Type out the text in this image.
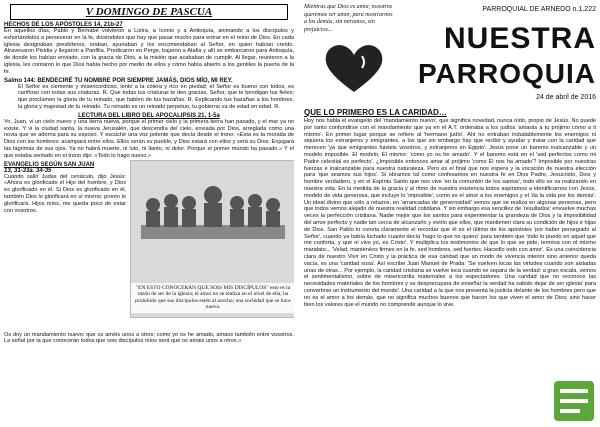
V DOMINGO DE PASCUA
HECHOS DE LOS APÓSTOLES 14, 21b-27

En aquellos días, Pablo y Bernabé volvieron a Listra, a Iconio y a Antioquía, animando a los discípulos y exhortándolos a perseverar en la fe, diciéndoles que hay que pasar mucho para entrar en el reino de Dios. En cada iglesia designaban presbíteros, oraban, ayunaban y los encomendaban al Señor, en quien habían creído. Atravesaron Pisidia y llegaron a Panfilia. Predicaron en Perge, bajaron a Atalía y allí se embarcaron para Antioquía, de donde los habían enviado, con la gracia de Dios, a la misión que acababan de cumplir. Al llegar, reunieron a la iglesia, les contaron lo que Dios había hecho por medio de ellos y cómo había abierto a los gentiles la puerta de la fe.

Salmo 144: BENDECIRÉ TU NOMBRE POR SIEMPRE JAMÁS, DIOS MÍO, MI REY.

El Señor es clemente y misericordioso, lento a la cólera y rico en piedad; el Señor es bueno con todos, es cariñoso con todas sus criaturas. R. Que todas tus criaturas te den gracias, Señor, que te bendigan tus fieles; que proclamen la gloria de tu reinado, que hablen de tus hazañas. R. Explicando tus hazañas a los hombres, la gloria y majestad de tu reinado. Tu reinado es un reinado perpetuo, tu gobierno va de edad en edad. R.

LECTURA DEL LIBRO DEL APOCALIPSIS 21, 1-5a

Yo, Juan, vi un cielo nuevo y una tierra nueva, porque el primer cielo y la primera tierra han pasado, y el mar ya no existe. Y vi la ciudad santa, la nueva Jerusalén, que descendía del cielo, enviada por Dios, arreglada como una novia que se adorna para su esposo. Y escuché una voz potente que decía desde el trono: «Ésta es la morada de Dios con los hombres: acampará entre ellos. Ellos serán su pueblo, y Dios estará con ellos y será su Dios. Enjugará las lágrimas de sus ojos. Ya no habrá muerte, ni luto, ni llanto, ni dolor. Porque el primer mundo ha pasado.» Y el que estaba sentado en el trono dijo: «Todo lo hago nuevo.»

EVANGELIO SEGÚN SAN JUAN
13, 31-33a. 34-35

Cuando salió Judas del cenáculo, dijo Jesús: «Ahora es glorificado el Hijo del hombre, y Dios es glorificado en él. Si Dios es glorificado en él, también Dios lo glorificará en sí mismo: pronto lo glorificará. Hijos míos, me queda poco de estar con vosotros.

"EN ESTO CONOCERÁN QUE SOIS MIS DISCÍPULOS" esto es la razón de ser de la iglesia; el amor no se realiza en el nivel de ella, ha prohibido que sus discípulos estén al acecho; una sociedad que se hace nueva.

Os doy un mandamiento nuevo: que os améis unos a otros; como yo os he amado, amaos también entre vosotros. La señal por la que conocerán todos que sois discípulos míos será que os amáis unos a otros.»

Mientras que Dios es amor, nosotros queremos ser amor, para mostrarnos a los demás, sin miramos, sin prejuicios...

PARROQUIAL DE ARNEDO n.1.222
NUESTRA
PARROQUIA
24 de abril de 2016
QUE LO PRIMERO ES LA CARIDAD…

Hoy nos habla el evangelio del 'mandamiento nuevo', que significa novedad, nunca oído, propio de Jesús. No puede por tanto confundirse con el mandamiento que ya en el A.T. ordenaba a los judíos 'amarás a tu prójimo como a ti mismo'. En primer lugar porque se refiere al 'hermano judío'. Ahí no entraban indudablemente los enemigos ni siquiera los extranjeros y emigrantes, a los que sin embargo hay que recibir y ayudar y tratar con la caridad que merecen 'ya que emigrantes fuisteis vosotros, y extranjeros en Egipto'. Jesús pone un baremo inalcanzable y un modelo imposible. El modelo, Él mismo: 'como yo os he amado'. Y el baremo está en el 'sed perfectos como mi Padre celestial es perfecto'. ¿Imposible entonces amar al prójimo 'como Él nos ha amado'? Imposible por nuestras fuerzas e inalcanzable para nuestra naturaleza. Pero es el final que nos espera y la vocación de nuestra elección para 'que seamos sus hijos'. Si obramos tal como confesamos en nuestra fe en Dios Padre, Jesucristo, Dios y hombre verdadero, y en el Espíritu Santo que nos vive 'en la comunión de los santos', todo ello se va realizando en nuestra vida. En la medida de la gracia y al ritmo de nuestra existencia todos aspiramos a identificarnos con Jesús, modelo de vida generosa, que incluye lo 'imposible', como es el amor a los enemigos y el 'da la vida por los demás'. Un ideal divino que sólo a retazos, en 'arrancadas de generosidad' vemos que se realiza en algunas personas, pero que todos vemos alejado de nuestra realidad cotidiana. Y sin embargo esa sencillez de 'resultados' envuelve muchas veces la perfección cristiana. Nadie mejor que los santos para experimentar la grandeza de Dios y la imposibilidad del amor perfecto y nadie tan cerca de alcanzarlo y vivirlo que ellos, que mantienen clara su condición de hijos e hijas de Dios. San Pablo lo coneta claramente el recordar que él es el último de los apóstoles 'por haber perseguido al Señor', cuando ya había luchado cuanto decía 'hago lo que no quiero' para también que 'todo lo puedo en aquel que me conforta, y que ni vivo yo, es Cristo'. Y multiplica los testimonios de que lo que se pide, termina con el mismo mandato... 'Velad, mantenéos firmes en la fe, sed hombres, sed fuertes. Hacedlo todo con amor'. Es una coincidencia clara de nuestro Vivir en Cristo y la práctica de esa caridad que un modo de vivencia interior sino anterior queda vacía, es una 'caridad sosa'. Así escribe Juan Manuel de Prada: 'Se vuelven locas las virtudes cuando son aisladas unas de otras... Por ejemplo, la caridad cristiana se vuelve loca cuando se separa de la verdad: a gran escala, vemos el sentimentalismo, sobre de misericordia maternales a los espectadores. Una caridad que no reconoce las necesidades materiales de los hombres y se desprecupara de enseñar la verdad ha sabido dejar de ser iglesia' para convertirse un instrumento del mundo'. Una caridad a la que nos presenta la justicia delante de los hombres pero que no es el amor a los demás, que no significa muchos buenos que hacen los que viven el amor de Dios; sino hacer bien los valores que el mundo no comprende aunque lo vive.
